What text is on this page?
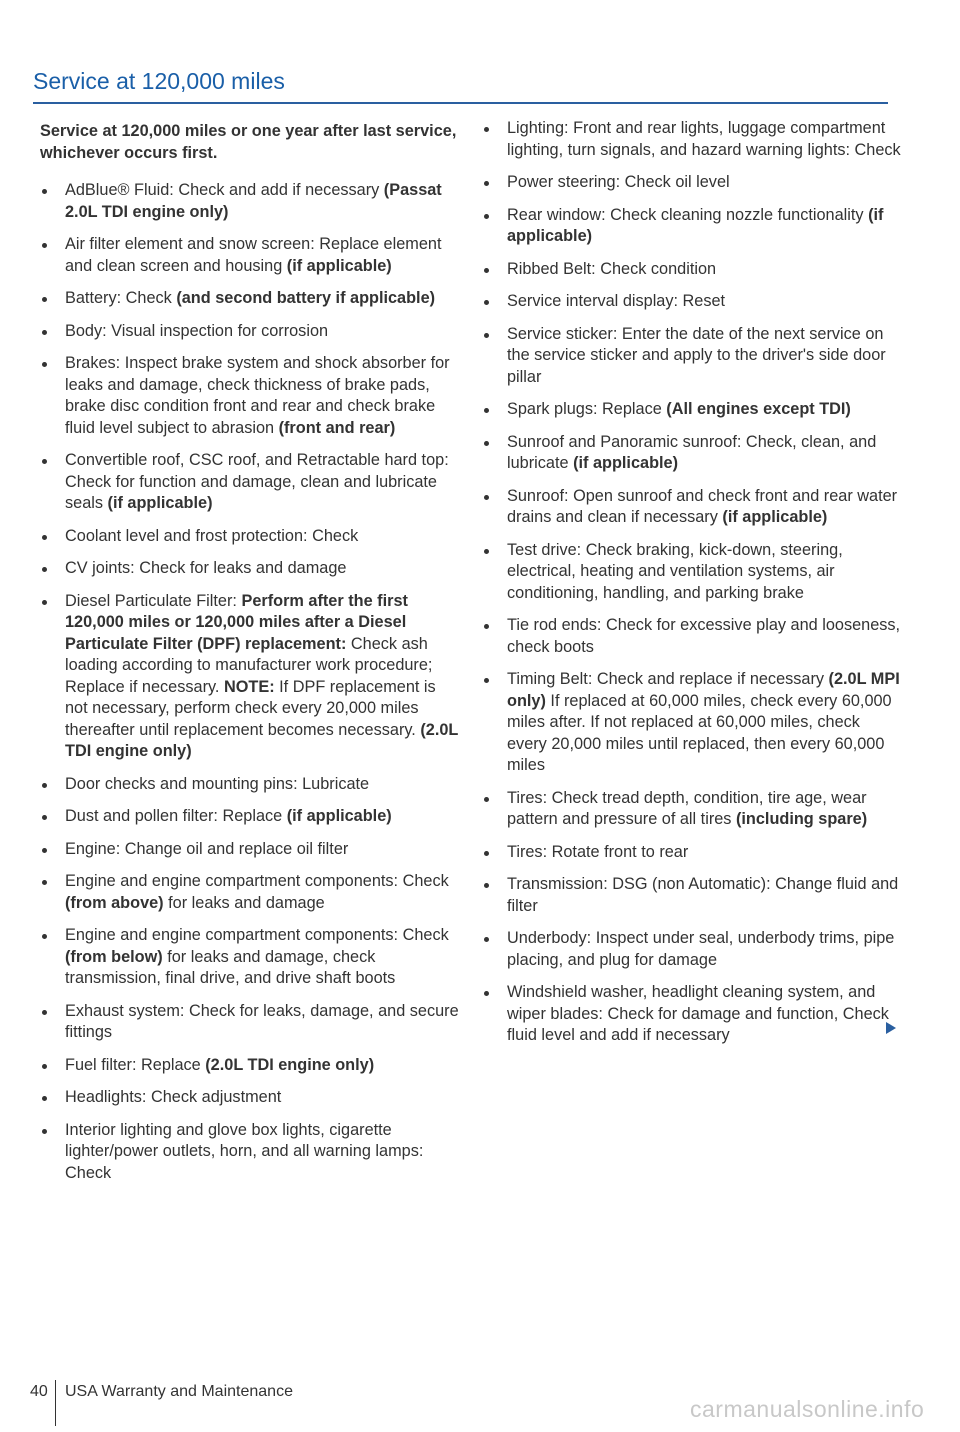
Service at 120,000 miles
Service at 120,000 miles or one year after last service, whichever occurs first.
AdBlue® Fluid: Check and add if necessary (Passat 2.0L TDI engine only)
Air filter element and snow screen: Replace element and clean screen and housing (if applicable)
Battery: Check (and second battery if applicable)
Body: Visual inspection for corrosion
Brakes: Inspect brake system and shock absorber for leaks and damage, check thickness of brake pads, brake disc condition front and rear and check brake fluid level subject to abrasion (front and rear)
Convertible roof, CSC roof, and Retractable hard top: Check for function and damage, clean and lubricate seals (if applicable)
Coolant level and frost protection: Check
CV joints: Check for leaks and damage
Diesel Particulate Filter: Perform after the first 120,000 miles or 120,000 miles after a Diesel Particulate Filter (DPF) replacement: Check ash loading according to manufacturer work procedure; Replace if necessary. NOTE: If DPF replacement is not necessary, perform check every 20,000 miles thereafter until replacement becomes necessary. (2.0L TDI engine only)
Door checks and mounting pins: Lubricate
Dust and pollen filter: Replace (if applicable)
Engine: Change oil and replace oil filter
Engine and engine compartment components: Check (from above) for leaks and damage
Engine and engine compartment components: Check (from below) for leaks and damage, check transmission, final drive, and drive shaft boots
Exhaust system: Check for leaks, damage, and secure fittings
Fuel filter: Replace (2.0L TDI engine only)
Headlights: Check adjustment
Interior lighting and glove box lights, cigarette lighter/power outlets, horn, and all warning lamps: Check
Lighting: Front and rear lights, luggage compartment lighting, turn signals, and hazard warning lights: Check
Power steering: Check oil level
Rear window: Check cleaning nozzle functionality (if applicable)
Ribbed Belt: Check condition
Service interval display: Reset
Service sticker: Enter the date of the next service on the service sticker and apply to the driver's side door pillar
Spark plugs: Replace (All engines except TDI)
Sunroof and Panoramic sunroof: Check, clean, and lubricate (if applicable)
Sunroof: Open sunroof and check front and rear water drains and clean if necessary (if applicable)
Test drive: Check braking, kick-down, steering, electrical, heating and ventilation systems, air conditioning, handling, and parking brake
Tie rod ends: Check for excessive play and looseness, check boots
Timing Belt: Check and replace if necessary (2.0L MPI only) If replaced at 60,000 miles, check every 60,000 miles after. If not replaced at 60,000 miles, check every 20,000 miles until replaced, then every 60,000 miles
Tires: Check tread depth, condition, tire age, wear pattern and pressure of all tires (including spare)
Tires: Rotate front to rear
Transmission: DSG (non Automatic): Change fluid and filter
Underbody: Inspect under seal, underbody trims, pipe placing, and plug for damage
Windshield washer, headlight cleaning system, and wiper blades: Check for damage and function, Check fluid level and add if necessary
40 USA Warranty and Maintenance
carmanualsonline.info
